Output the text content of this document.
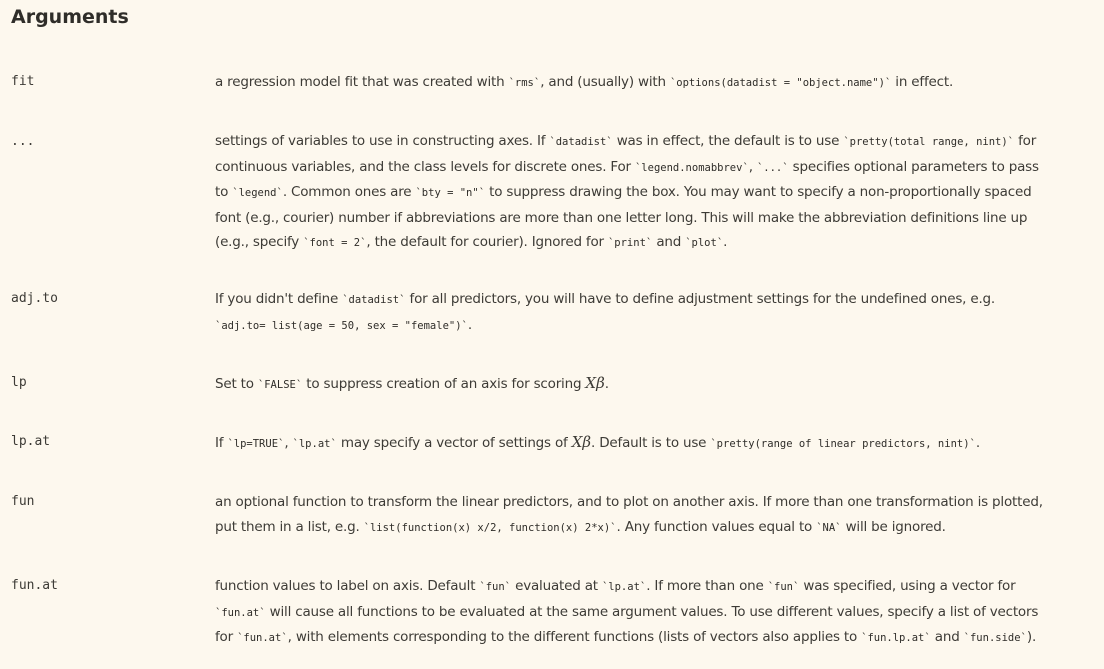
Arguments
fit	a regression model fit that was created with `rms`, and (usually) with `options(datadist = "object.name")` in effect.
...	settings of variables to use in constructing axes. If `datadist` was in effect, the default is to use `pretty(total range, nint)` for continuous variables, and the class levels for discrete ones. For `legend.nomabbrev`, `...` specifies optional parameters to pass to `legend`. Common ones are `bty = "n"` to suppress drawing the box. You may want to specify a non-proportionally spaced font (e.g., courier) number if abbreviations are more than one letter long. This will make the abbreviation definitions line up (e.g., specify `font = 2`, the default for courier). Ignored for `print` and `plot`.
adj.to	If you didn't define `datadist` for all predictors, you will have to define adjustment settings for the undefined ones, e.g. `adj.to= list(age = 50, sex = "female")`.
lp	Set to `FALSE` to suppress creation of an axis for scoring Xβ.
lp.at	If `lp=TRUE`, `lp.at` may specify a vector of settings of Xβ. Default is to use `pretty(range of linear predictors, nint)`.
fun	an optional function to transform the linear predictors, and to plot on another axis. If more than one transformation is plotted, put them in a list, e.g. `list(function(x) x/2, function(x) 2*x)`. Any function values equal to `NA` will be ignored.
fun.at	function values to label on axis. Default `fun` evaluated at `lp.at`. If more than one `fun` was specified, using a vector for `fun.at` will cause all functions to be evaluated at the same argument values. To use different values, specify a list of vectors for `fun.at`, with elements corresponding to the different functions (lists of vectors also applies to `fun.lp.at` and `fun.side`).
